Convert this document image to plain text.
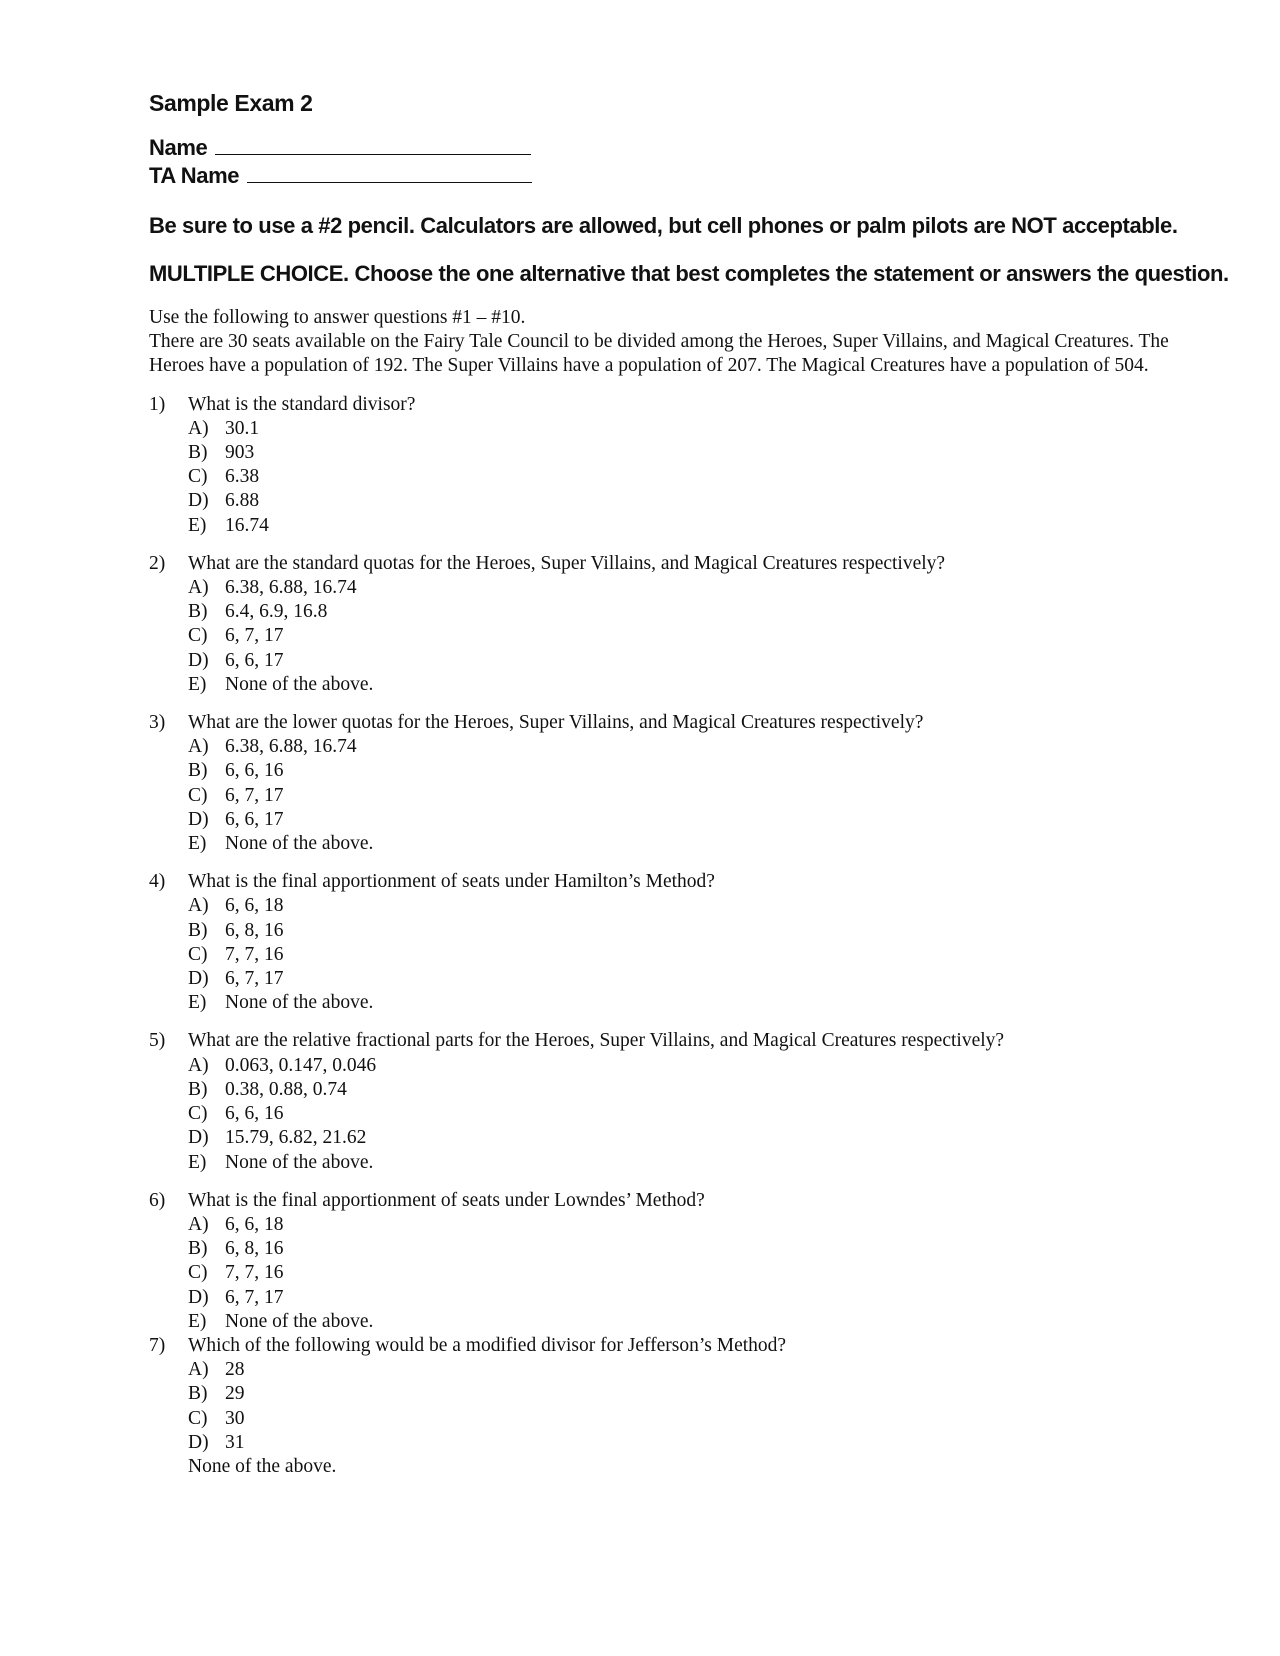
Sample Exam 2
Name
TA Name
Be sure to use a #2 pencil. Calculators are allowed, but cell phones or palm pilots are NOT acceptable.
MULTIPLE CHOICE. Choose the one alternative that best completes the statement or answers the question.

Use the following to answer questions #1 – #10.

There are 30 seats available on the Fairy Tale Council to be divided among the Heroes, Super Villains, and Magical Creatures. The Heroes have a population of 192. The Super Villains have a population of 207. The Magical Creatures have a population of 504.

1) What is the standard divisor?

A) 30.1
B) 903
C) 6.38
D) 6.88
E) 16.74
2) What are the standard quotas for the Heroes, Super Villains, and Magical Creatures respectively?

A) 6.38, 6.88, 16.74
B) 6.4, 6.9, 16.8
C) 6, 7, 17
D) 6, 6, 17
E) None of the above.
3) What are the lower quotas for the Heroes, Super Villains, and Magical Creatures respectively?

A) 6.38, 6.88, 16.74
B) 6, 6, 16
C) 6, 7, 17
D) 6, 6, 17
E) None of the above.
4) What is the final apportionment of seats under Hamilton’s Method?

A) 6, 6, 18
B) 6, 8, 16
C) 7, 7, 16
D) 6, 7, 17
E) None of the above.
5) What are the relative fractional parts for the Heroes, Super Villains, and Magical Creatures respectively?

A) 0.063, 0.147, 0.046
B) 0.38, 0.88, 0.74
C) 6, 6, 16
D) 15.79, 6.82, 21.62
E) None of the above.
6) What is the final apportionment of seats under Lowndes’ Method?

A) 6, 6, 18
B) 6, 8, 16
C) 7, 7, 16
D) 6, 7, 17
E) None of the above.
7) Which of the following would be a modified divisor for Jefferson’s Method?

A) 28
B) 29
C) 30
D) 31
None of the above.
